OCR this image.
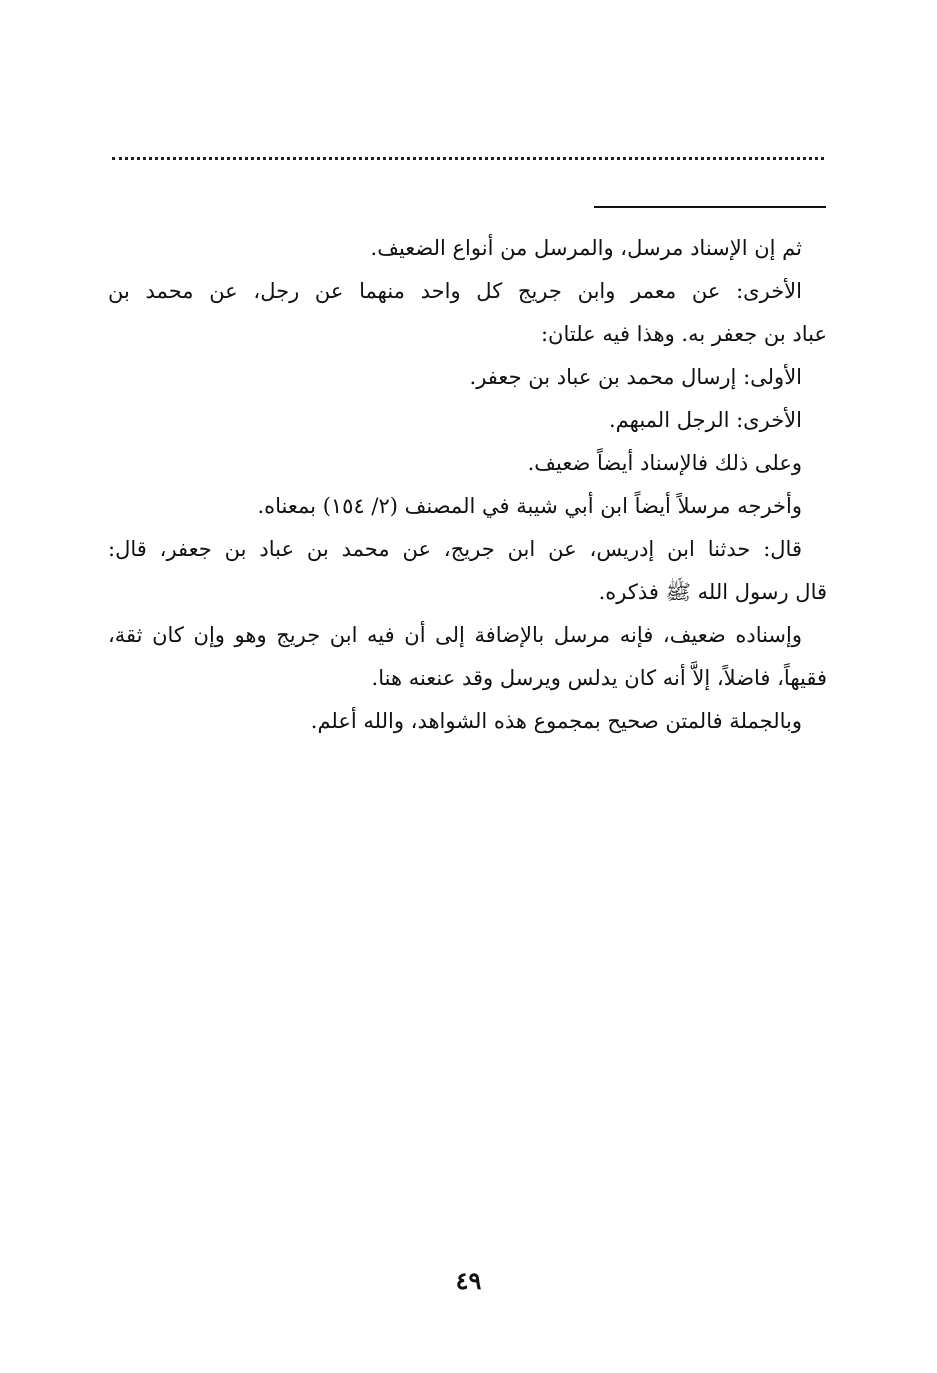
ثم إن الإسناد مرسل، والمرسل من أنواع الضعيف.
الأخرى: عن معمر وابن جريج كل واحد منهما عن رجل، عن محمد بن
عباد بن جعفر به. وهذا فيه علتان:
الأولى: إرسال محمد بن عباد بن جعفر.
الأخرى: الرجل المبهم.
وعلى ذلك فالإسناد أيضاً ضعيف.
وأخرجه مرسلاً أيضاً ابن أبي شيبة في المصنف (٢/ ١٥٤) بمعناه.
قال: حدثنا ابن إدريس، عن ابن جريج، عن محمد بن عباد بن جعفر، قال:
قال رسول الله ﷺ فذكره.
وإسناده ضعيف، فإنه مرسل بالإضافة إلى أن فيه ابن جريج وهو وإن كان ثقة،
فقيهاً، فاضلاً، إلاَّ أنه كان يدلس ويرسل وقد عنعنه هنا.
وبالجملة فالمتن صحيح بمجموع هذه الشواهد، والله أعلم.
٤٩
